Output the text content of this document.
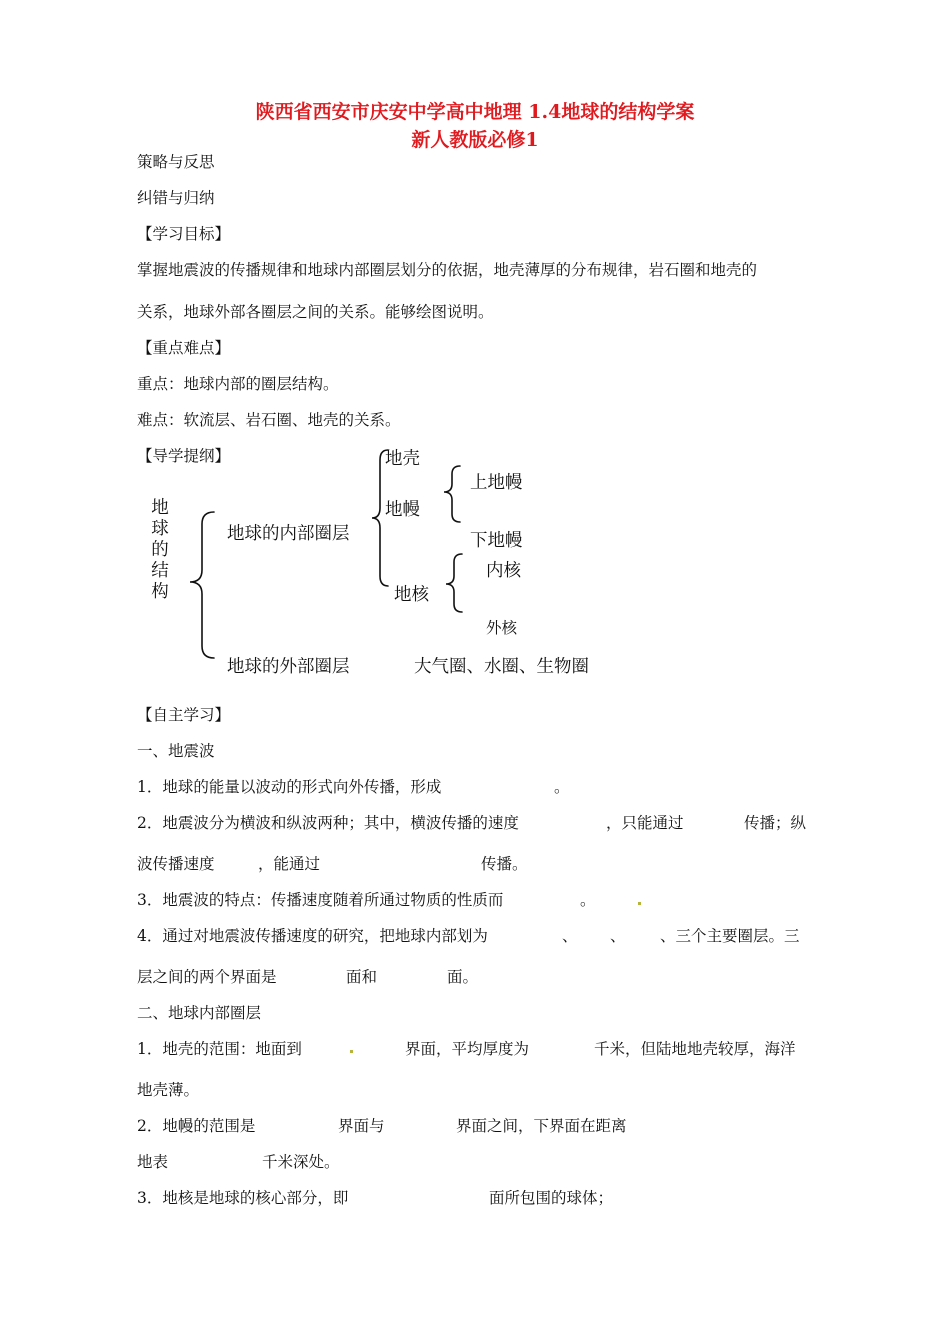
陕西省西安市庆安中学高中地理 1.4地球的结构学案
新人教版必修1
策略与反思
纠错与归纳
【学习目标】
掌握地震波的传播规律和地球内部圈层划分的依据，地壳薄厚的分布规律，岩石圈和地壳的
关系，地球外部各圈层之间的关系。能够绘图说明。
【重点难点】
重点：地球内部的圈层结构。
难点：软流层、岩石圈、地壳的关系。
【导学提纲】
地球的结构
地球的内部圈层
地球的外部圈层	大气圈、水圈、生物圈
地壳
地幔
上地幔
下地幔
地核
内核
外核
【自主学习】
一、地震波
1．地球的能量以波动的形式向外传播，形成	。
2．地震波分为横波和纵波两种；其中，横波传播的速度	，只能通过	传播；纵
波传播速度	，能通过	传播。
3．地震波的特点：传播速度随着所通过物质的性质而	。
4．通过对地震波传播速度的研究，把地球内部划为	、 、 、三个主要圈层。三
层之间的两个界面是	面和	面。
二、地球内部圈层
1．地壳的范围：地面到	界面，平均厚度为	千米，但陆地地壳较厚，海洋
地壳薄。
2．地幔的范围是	界面与	界面之间，下界面在距离
地表	千米深处。
3．地核是地球的核心部分，即	面所包围的球体；
